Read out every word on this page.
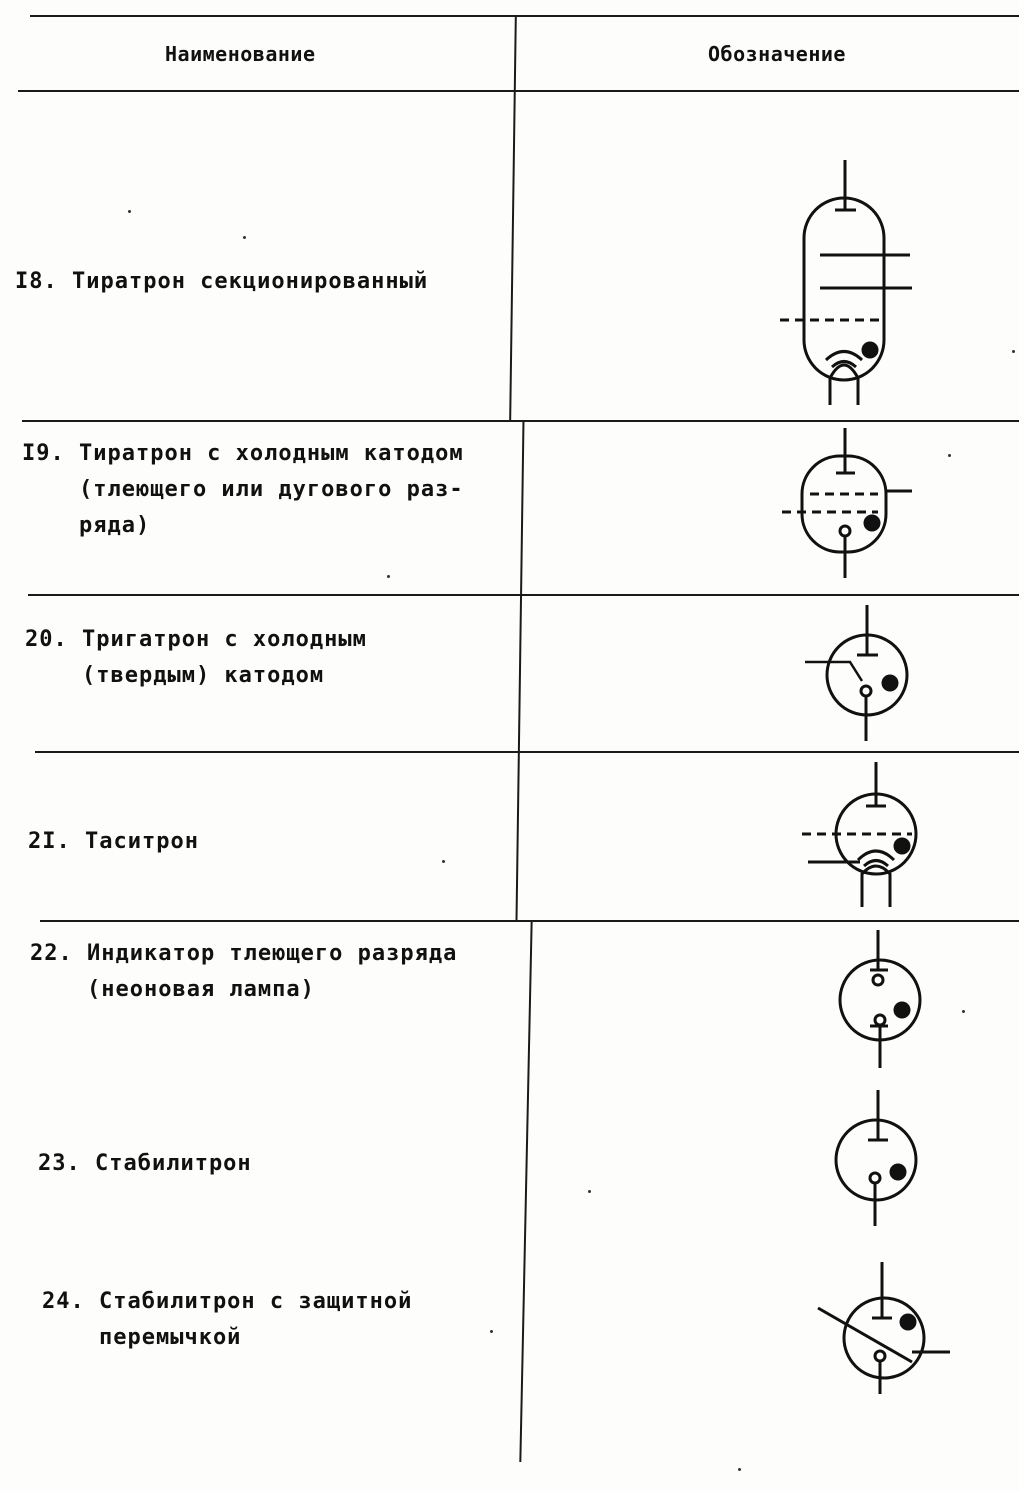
Наименование	Обозначение
I8. Тиратрон секционированный
I9. Тиратрон с холодным катодом
(тлеющего или дугового раз-
ряда)
20. Тригатрон с холодным
(твердым) катодом
2I. Таситрон
22. Индикатор тлеющего разряда
(неоновая лампа)
23. Стабилитрон
24. Стабилитрон с защитной
перемычкой
